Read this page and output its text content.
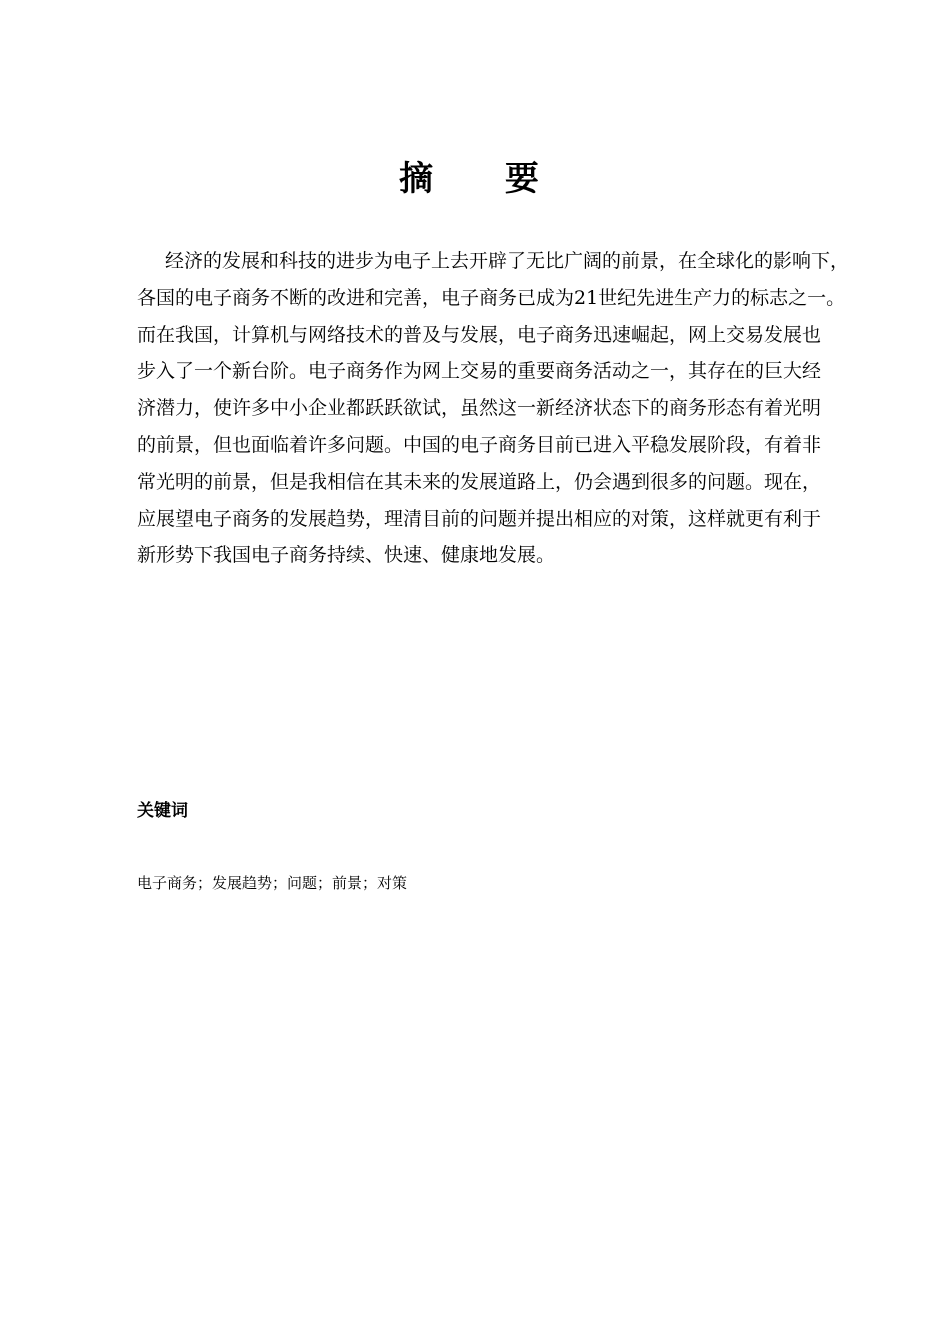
摘 要
经济的发展和科技的进步为电子上去开辟了无比广阔的前景，在全球化的影响下，
各国的电子商务不断的改进和完善，电子商务已成为21世纪先进生产力的标志之一。
而在我国，计算机与网络技术的普及与发展，电子商务迅速崛起，网上交易发展也
步入了一个新台阶。电子商务作为网上交易的重要商务活动之一，其存在的巨大经
济潜力，使许多中小企业都跃跃欲试，虽然这一新经济状态下的商务形态有着光明
的前景，但也面临着许多问题。中国的电子商务目前已进入平稳发展阶段，有着非
常光明的前景，但是我相信在其未来的发展道路上，仍会遇到很多的问题。现在，
应展望电子商务的发展趋势，理清目前的问题并提出相应的对策，这样就更有利于
新形势下我国电子商务持续、快速、健康地发展。
关键词
电子商务；发展趋势；问题；前景；对策
